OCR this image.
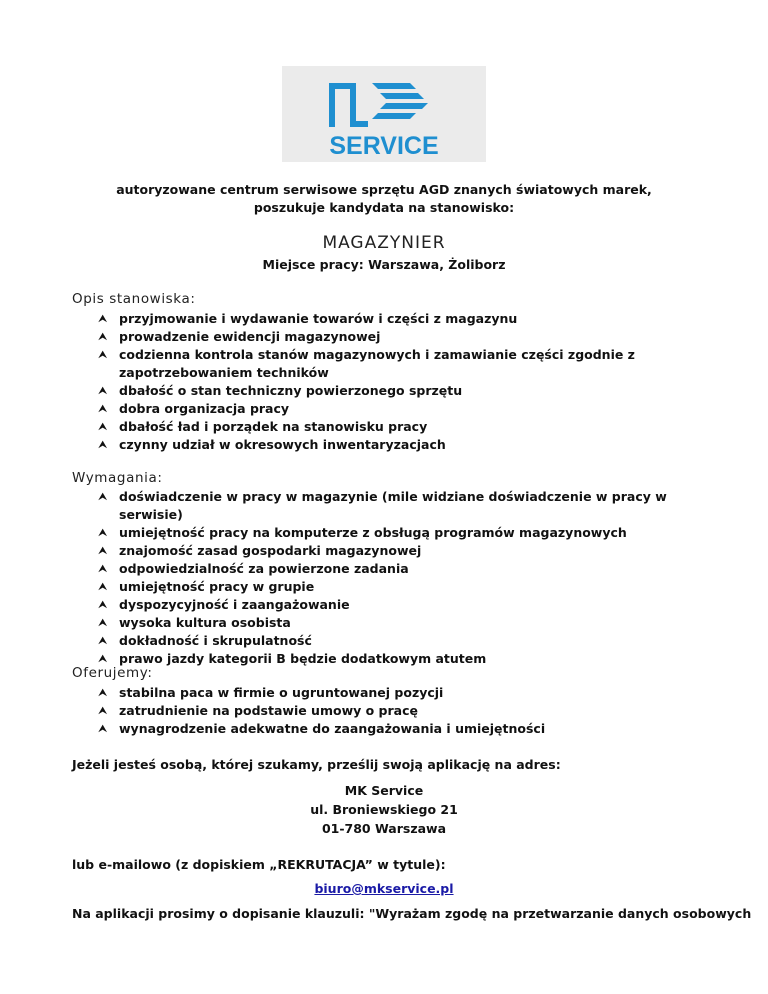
SERVICE
autoryzowane centrum serwisowe sprzętu AGD znanych światowych marek,
poszukuje kandydata na stanowisko:
MAGAZYNIER
Miejsce pracy: Warszawa, Żoliborz
Opis stanowiska:
⮝ przyjmowanie i wydawanie towarów i części z magazynu
⮝ prowadzenie ewidencji magazynowej
⮝ codzienna kontrola stanów magazynowych i zamawianie części zgodnie z zapotrzebowaniem techników
⮝ dbałość o stan techniczny powierzonego sprzętu
⮝ dobra organizacja pracy
⮝ dbałość ład i porządek na stanowisku pracy
⮝ czynny udział w okresowych inwentaryzacjach
Wymagania:
⮝ doświadczenie w pracy w magazynie (mile widziane doświadczenie w pracy w serwisie)
⮝ umiejętność pracy na komputerze z obsługą programów magazynowych
⮝ znajomość zasad gospodarki magazynowej
⮝ odpowiedzialność za powierzone zadania
⮝ umiejętność pracy w grupie
⮝ dyspozycyjność i zaangażowanie
⮝ wysoka kultura osobista
⮝ dokładność i skrupulatność
⮝ prawo jazdy kategorii B będzie dodatkowym atutem
Oferujemy:
⮝ stabilna paca w firmie o ugruntowanej pozycji
⮝ zatrudnienie na podstawie umowy o pracę
⮝ wynagrodzenie adekwatne do zaangażowania i umiejętności
Jeżeli jesteś osobą, której szukamy, prześlij swoją aplikację na adres:
MK Service
ul. Broniewskiego 21
01-780 Warszawa
lub e-mailowo (z dopiskiem „REKRUTACJA” w tytule):
biuro@mkservice.pl
Na aplikacji prosimy o dopisanie klauzuli: "Wyrażam zgodę na przetwarzanie danych osobowych
